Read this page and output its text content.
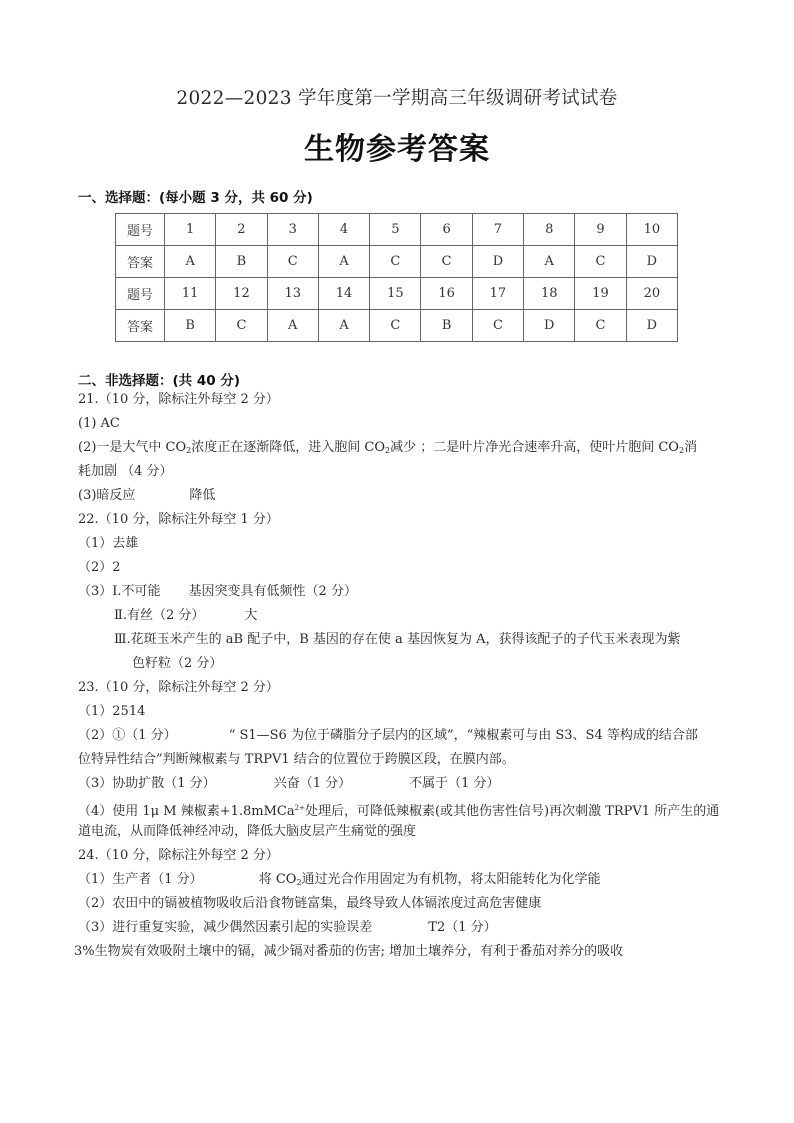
2022—2023 学年度第一学期高三年级调研考试试卷
生物参考答案
一、选择题：(每小题 3 分，共 60 分)
题号	1	2	3	4	5	6	7	8	9	10
答案	A	B	C	A	C	C	D	A	C	D
题号	11	12	13	14	15	16	17	18	19	20
答案	B	C	A	A	C	B	C	D	C	D
二、非选择题：(共 40 分)
21.（10 分，除标注外每空 2 分）
(1) AC
(2)一是大气中 $CO_2$浓度正在逐渐降低，进入胞间 $CO_2$减少 ；二是叶片净光合速率升高，使叶片胞间 $CO_2$消
耗加剧 （4 分）
(3)暗反应	降低
22.（10 分，除标注外每空 1 分）
（1）去雄
（2）2
（3）Ⅰ.不可能 基因突变具有低频性（2 分）
Ⅱ.有丝（2 分）	大
Ⅲ.花斑玉米产生的 aB 配子中，B 基因的存在使 a 基因恢复为 A，获得该配子的子代玉米表现为紫
色籽粒（2 分）
23.（10 分，除标注外每空 2 分）
（1）2514
（2）①（1 分）	“ S1—S6 为位于磷脂分子层内的区域”，“辣椒素可与由 S3、S4 等构成的结合部
位特异性结合”判断辣椒素与 TRPV1 结合的位置位于跨膜区段，在膜内部。
（3）协助扩散（1 分）	兴奋（1 分）	不属于（1 分）
（4）使用 1μ M 辣椒素+1.8mMCa$^{2+}$处理后，可降低辣椒素(或其他伤害性信号)再次刺激 TRPV1 所产生的通
道电流，从而降低神经冲动，降低大脑皮层产生痛觉的强度
24.（10 分，除标注外每空 2 分）
（1）生产者（1 分）	将 $CO_2$通过光合作用固定为有机物，将太阳能转化为化学能
（2）农田中的镉被植物吸收后沿食物链富集，最终导致人体镉浓度过高危害健康
（3）进行重复实验，减少偶然因素引起的实验误差	T2（1 分）
3%生物炭有效吸附土壤中的镉，减少镉对番茄的伤害; 增加土壤养分，有利于番茄对养分的吸收
